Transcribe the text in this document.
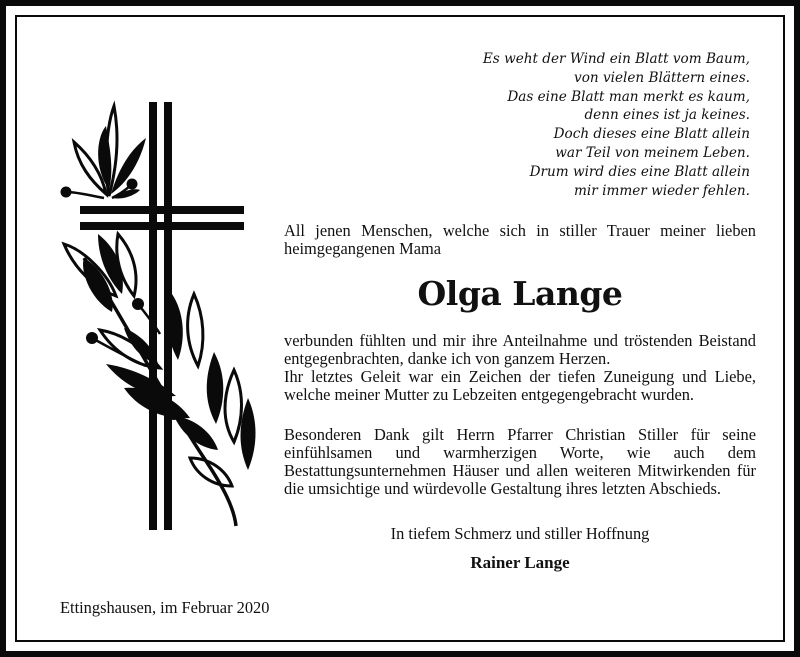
Es weht der Wind ein Blatt vom Baum,
von vielen Blättern eines.
Das eine Blatt man merkt es kaum,
denn eines ist ja keines.
Doch dieses eine Blatt allein
war Teil von meinem Leben.
Drum wird dies eine Blatt allein
mir immer wieder fehlen.
All jenen Menschen, welche sich in stiller Trauer meiner lieben heimgegangenen Mama
Olga Lange

verbunden fühlten und mir ihre Anteilnahme und tröstenden Beistand entgegenbrachten, danke ich von ganzem Herzen.

Ihr letztes Geleit war ein Zeichen der tiefen Zuneigung und Liebe, welche meiner Mutter zu Lebzeiten entgegengebracht wurden.

Besonderen Dank gilt Herrn Pfarrer Christian Stiller für seine einfühlsamen und warmherzigen Worte, wie auch dem Bestattungsunternehmen Häuser und allen weiteren Mitwirkenden für die umsichtige und würdevolle Gestaltung ihres letzten Abschieds.

In tiefem Schmerz und stiller Hoffnung
Rainer Lange
Ettingshausen, im Februar 2020
